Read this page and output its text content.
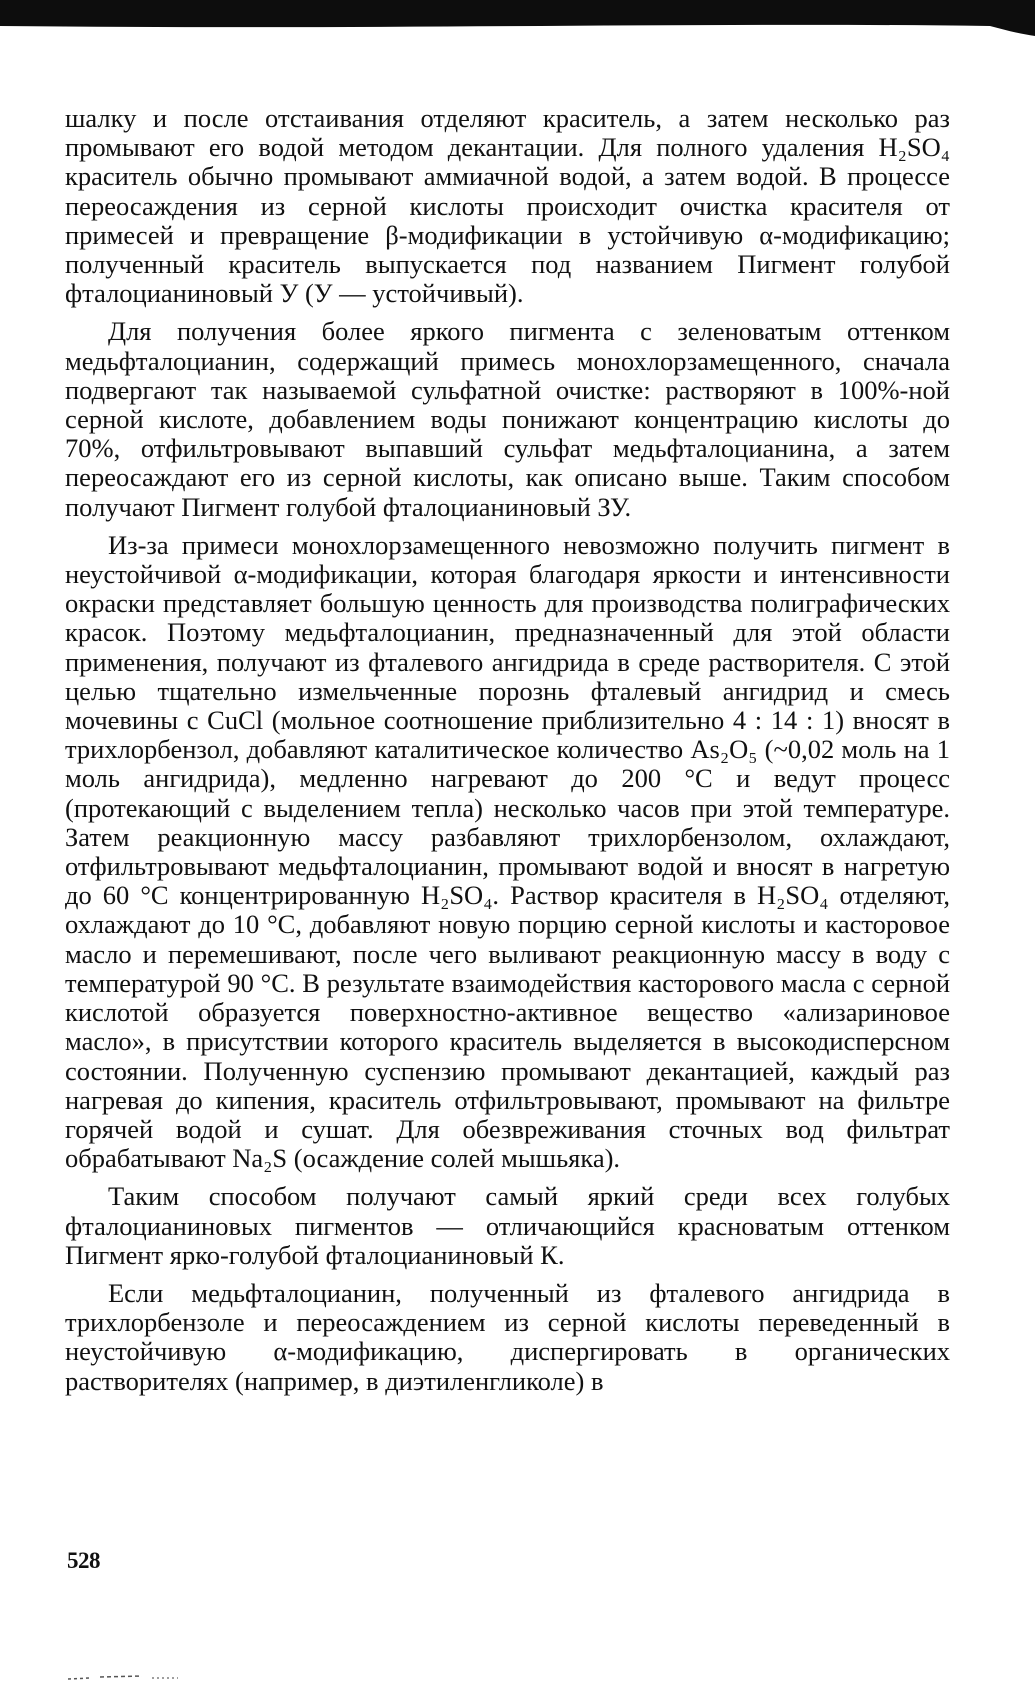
шалку и после отстаивания отделяют краситель, а затем несколько раз промывают его водой методом декантации. Для полного удаления H₂SO₄ краситель обычно промывают аммиачной водой, а затем водой. В процессе переосаждения из серной кислоты происходит очистка красителя от примесей и превращение β-модификации в устойчивую α-модификацию; полученный краситель выпускается под названием Пигмент голубой фталоцианиновый У (У — устойчивый).

Для получения более яркого пигмента с зеленоватым оттенком медьфталоцианин, содержащий примесь монохлорзамещенного, сначала подвергают так называемой сульфатной очистке: растворяют в 100%-ной серной кислоте, добавлением воды понижают концентрацию кислоты до 70%, отфильтровывают выпавший сульфат медьфталоцианина, а затем переосаждают его из серной кислоты, как описано выше. Таким способом получают Пигмент голубой фталоцианиновый ЗУ.

Из-за примеси монохлорзамещенного невозможно получить пигмент в неустойчивой α-модификации, которая благодаря яркости и интенсивности окраски представляет большую ценность для производства полиграфических красок. Поэтому медьфталоцианин, предназначенный для этой области применения, получают из фталевого ангидрида в среде растворителя. С этой целью тщательно измельченные порознь фталевый ангидрид и смесь мочевины с CuCl (мольное соотношение приблизительно 4 : 14 : 1) вносят в трихлорбензол, добавляют каталитическое количество As₂O₅ (~0,02 моль на 1 моль ангидрида), медленно нагревают до 200 °C и ведут процесс (протекающий с выделением тепла) несколько часов при этой температуре. Затем реакционную массу разбавляют трихлорбензолом, охлаждают, отфильтровывают медьфталоцианин, промывают водой и вносят в нагретую до 60 °C концентрированную H₂SO₄. Раствор красителя в H₂SO₄ отделяют, охлаждают до 10 °C, добавляют новую порцию серной кислоты и касторовое масло и перемешивают, после чего выливают реакционную массу в воду с температурой 90 °C. В результате взаимодействия касторового масла с серной кислотой образуется поверхностно-активное вещество «ализариновое масло», в присутствии которого краситель выделяется в высокодисперсном состоянии. Полученную суспензию промывают декантацией, каждый раз нагревая до кипения, краситель отфильтровывают, промывают на фильтре горячей водой и сушат. Для обезвреживания сточных вод фильтрат обрабатывают Na₂S (осаждение солей мышьяка).

Таким способом получают самый яркий среди всех голубых фталоцианиновых пигментов — отличающийся красноватым оттенком Пигмент ярко-голубой фталоцианиновый К.

Если медьфталоцианин, полученный из фталевого ангидрида в трихлорбензоле и переосаждением из серной кислоты переведенный в неустойчивую α-модификацию, диспергировать в органических растворителях (например, в диэтиленгликоле) в

528
